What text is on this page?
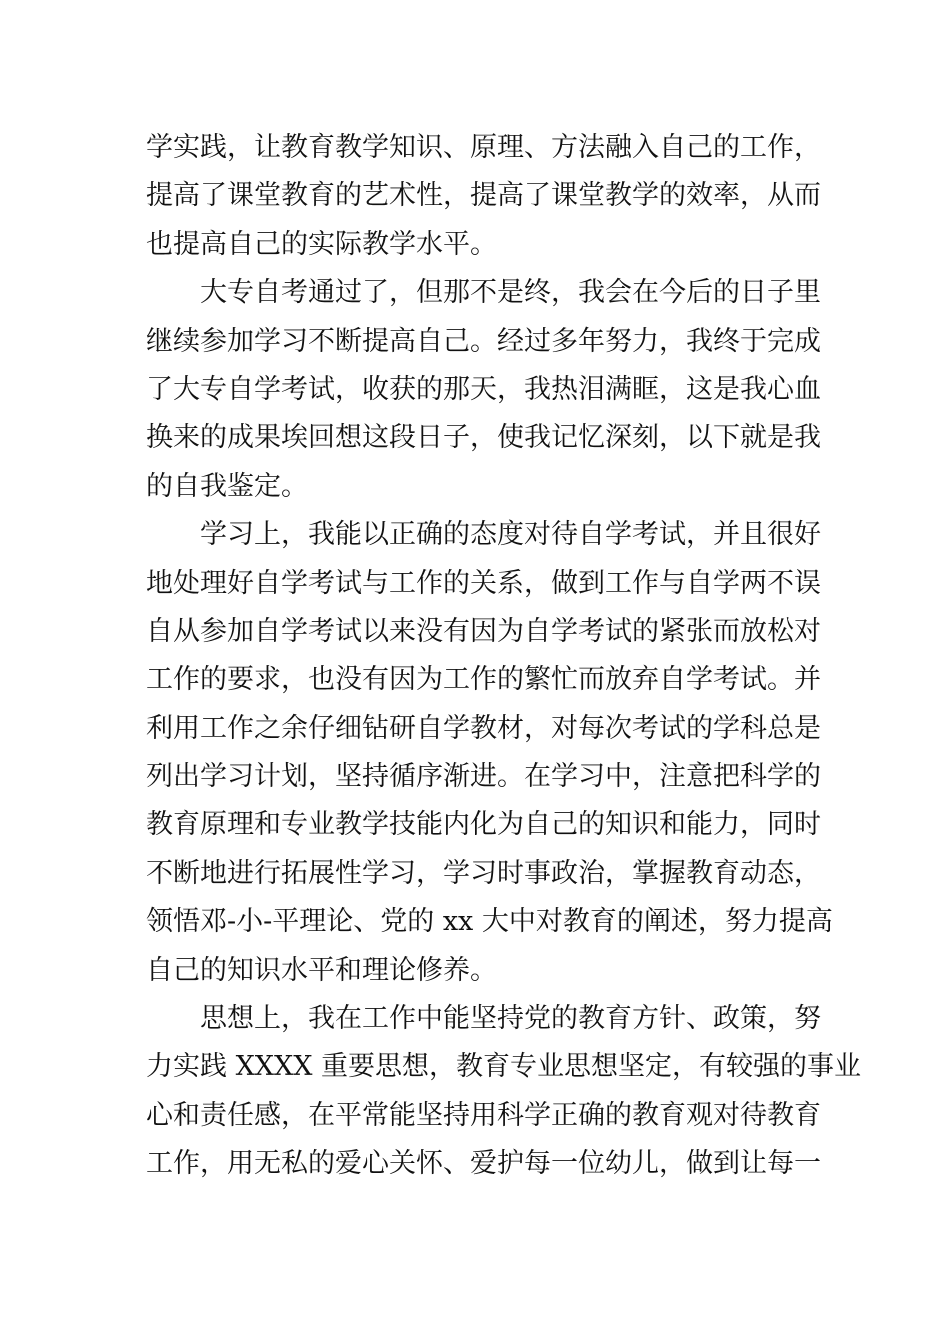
学实践，让教育教学知识、原理、方法融入自己的工作，
提高了课堂教育的艺术性，提高了课堂教学的效率，从而
也提高自己的实际教学水平。
大专自考通过了，但那不是终，我会在今后的日子里
继续参加学习不断提高自己。经过多年努力，我终于完成
了大专自学考试，收获的那天，我热泪满眶，这是我心血
换来的成果埃回想这段日子，使我记忆深刻，以下就是我
的自我鉴定。
学习上，我能以正确的态度对待自学考试，并且很好
地处理好自学考试与工作的关系，做到工作与自学两不误
自从参加自学考试以来没有因为自学考试的紧张而放松对
工作的要求，也没有因为工作的繁忙而放弃自学考试。并
利用工作之余仔细钻研自学教材，对每次考试的学科总是
列出学习计划，坚持循序渐进。在学习中，注意把科学的
教育原理和专业教学技能内化为自己的知识和能力，同时
不断地进行拓展性学习，学习时事政治，掌握教育动态，
领悟邓-小-平理论、党的 xx 大中对教育的阐述，努力提高
自己的知识水平和理论修养。
思想上，我在工作中能坚持党的教育方针、政策，努
力实践 XXXX 重要思想，教育专业思想坚定，有较强的事业
心和责任感，在平常能坚持用科学正确的教育观对待教育
工作，用无私的爱心关怀、爱护每一位幼儿，做到让每一
